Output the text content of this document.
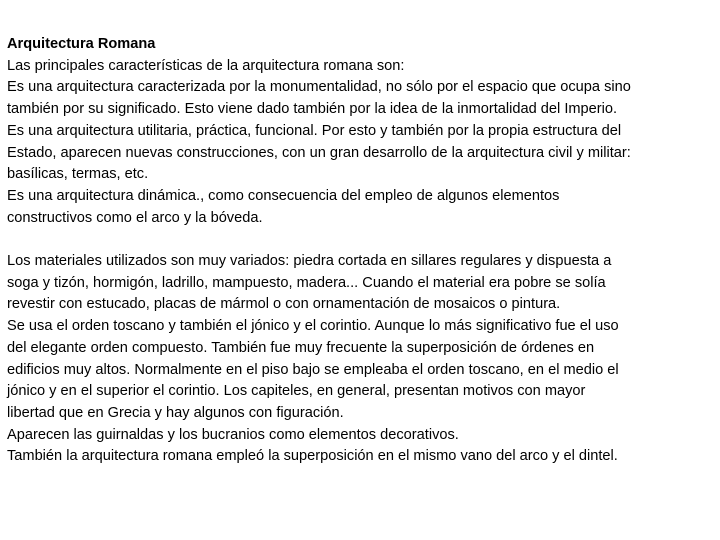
Arquitectura Romana

Las principales características de la arquitectura romana son:

Es una arquitectura caracterizada por la monumentalidad, no sólo por el espacio que ocupa sino

también por su significado. Esto viene dado también por la idea de la inmortalidad del Imperio.

Es una arquitectura utilitaria, práctica, funcional. Por esto y también por la propia estructura del

Estado, aparecen nuevas construcciones, con un gran desarrollo de la arquitectura civil y militar:

basílicas, termas, etc.

Es una arquitectura dinámica., como consecuencia del empleo de algunos elementos

constructivos como el arco y la bóveda.

Los materiales utilizados son muy variados: piedra cortada en sillares regulares y dispuesta a

soga y tizón, hormigón, ladrillo, mampuesto, madera... Cuando el material era pobre se solía

revestir con estucado, placas de mármol o con ornamentación de mosaicos o pintura.

Se usa el orden toscano y también el jónico y el corintio. Aunque lo más significativo fue el uso

del elegante orden compuesto. También fue muy frecuente la superposición de órdenes en

edificios muy altos. Normalmente en el piso bajo se empleaba el orden toscano, en el medio el

jónico y en el superior el corintio. Los capiteles, en general, presentan motivos con mayor

libertad que en Grecia y hay algunos con figuración.

Aparecen las guirnaldas y los bucranios como elementos decorativos.

También la arquitectura romana empleó la superposición en el mismo vano del arco y el dintel.
